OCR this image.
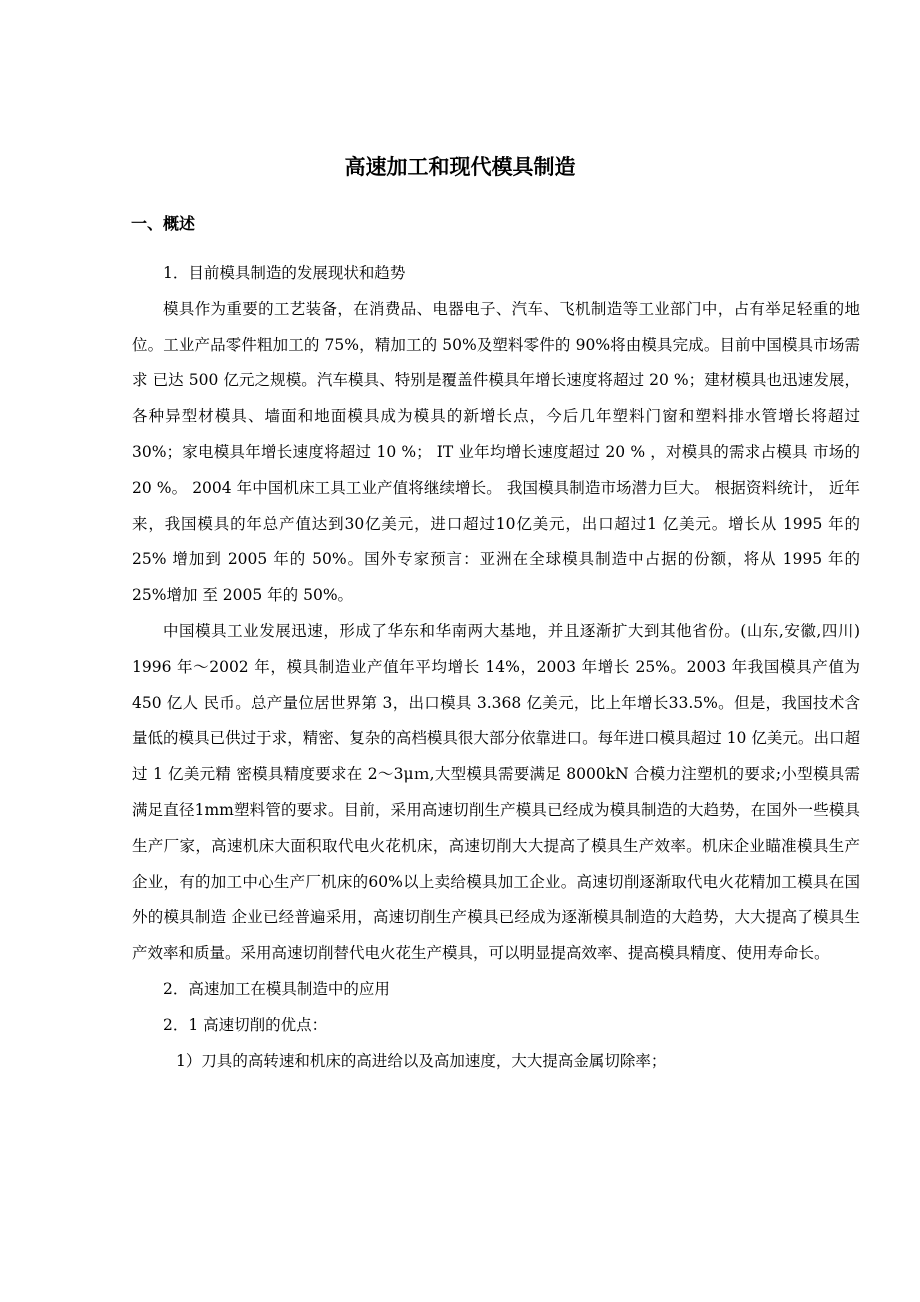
高速加工和现代模具制造
一、概述

1．目前模具制造的发展现状和趋势

模具作为重要的工艺装备，在消费品、电器电子、汽车、飞机制造等工业部门中，占有举足轻重的地 位。工业产品零件粗加工的 75%，精加工的 50%及塑料零件的 90%将由模具完成。目前中国模具市场需求 已达 500 亿元之规模。汽车模具、特别是覆盖件模具年增长速度将超过 20 %；建材模具也迅速发展， 各种异型材模具、墙面和地面模具成为模具的新增长点，今后几年塑料门窗和塑料排水管增长将超过30%；家电模具年增长速度将超过 10 %； IT 业年均增长速度超过 20 % ，对模具的需求占模具 市场的 20 %。 2004 年中国机床工具工业产值将继续增长。 我国模具制造市场潜力巨大。 根据资料统计， 近年来，我国模具的年总产值达到30亿美元，进口超过10亿美元，出口超过1 亿美元。增长从 1995 年的 25% 增加到 2005 年的 50%。国外专家预言：亚洲在全球模具制造中占据的份额，将从 1995 年的 25%增加 至 2005 年的 50%。

中国模具工业发展迅速，形成了华东和华南两大基地，并且逐渐扩大到其他省份。(山东,安徽,四川) 1996 年～2002 年，模具制造业产值年平均增长 14%，2003 年增长 25%。2003 年我国模具产值为 450 亿人 民币。总产量位居世界第 3，出口模具 3.368 亿美元，比上年增长33.5%。但是，我国技术含量低的模具已供过于求，精密、复杂的高档模具很大部分依靠进口。每年进口模具超过 10 亿美元。出口超过 1 亿美元精 密模具精度要求在 2～3μｍ,大型模具需要满足 8000kN 合模力注塑机的要求;小型模具需满足直径1mm塑料管的要求。目前，采用高速切削生产模具已经成为模具制造的大趋势，在国外一些模具生产厂家，高速机床大面积取代电火花机床，高速切削大大提高了模具生产效率。机床企业瞄准模具生产企业，有的加工中心生产厂机床的60%以上卖给模具加工企业。高速切削逐渐取代电火花精加工模具在国外的模具制造 企业已经普遍采用，高速切削生产模具已经成为逐渐模具制造的大趋势，大大提高了模具生产效率和质量。采用高速切削替代电火花生产模具，可以明显提高效率、提高模具精度、使用寿命长。

2．高速加工在模具制造中的应用

2．1 高速切削的优点：

1）刀具的高转速和机床的高进给以及高加速度，大大提高金属切除率；
